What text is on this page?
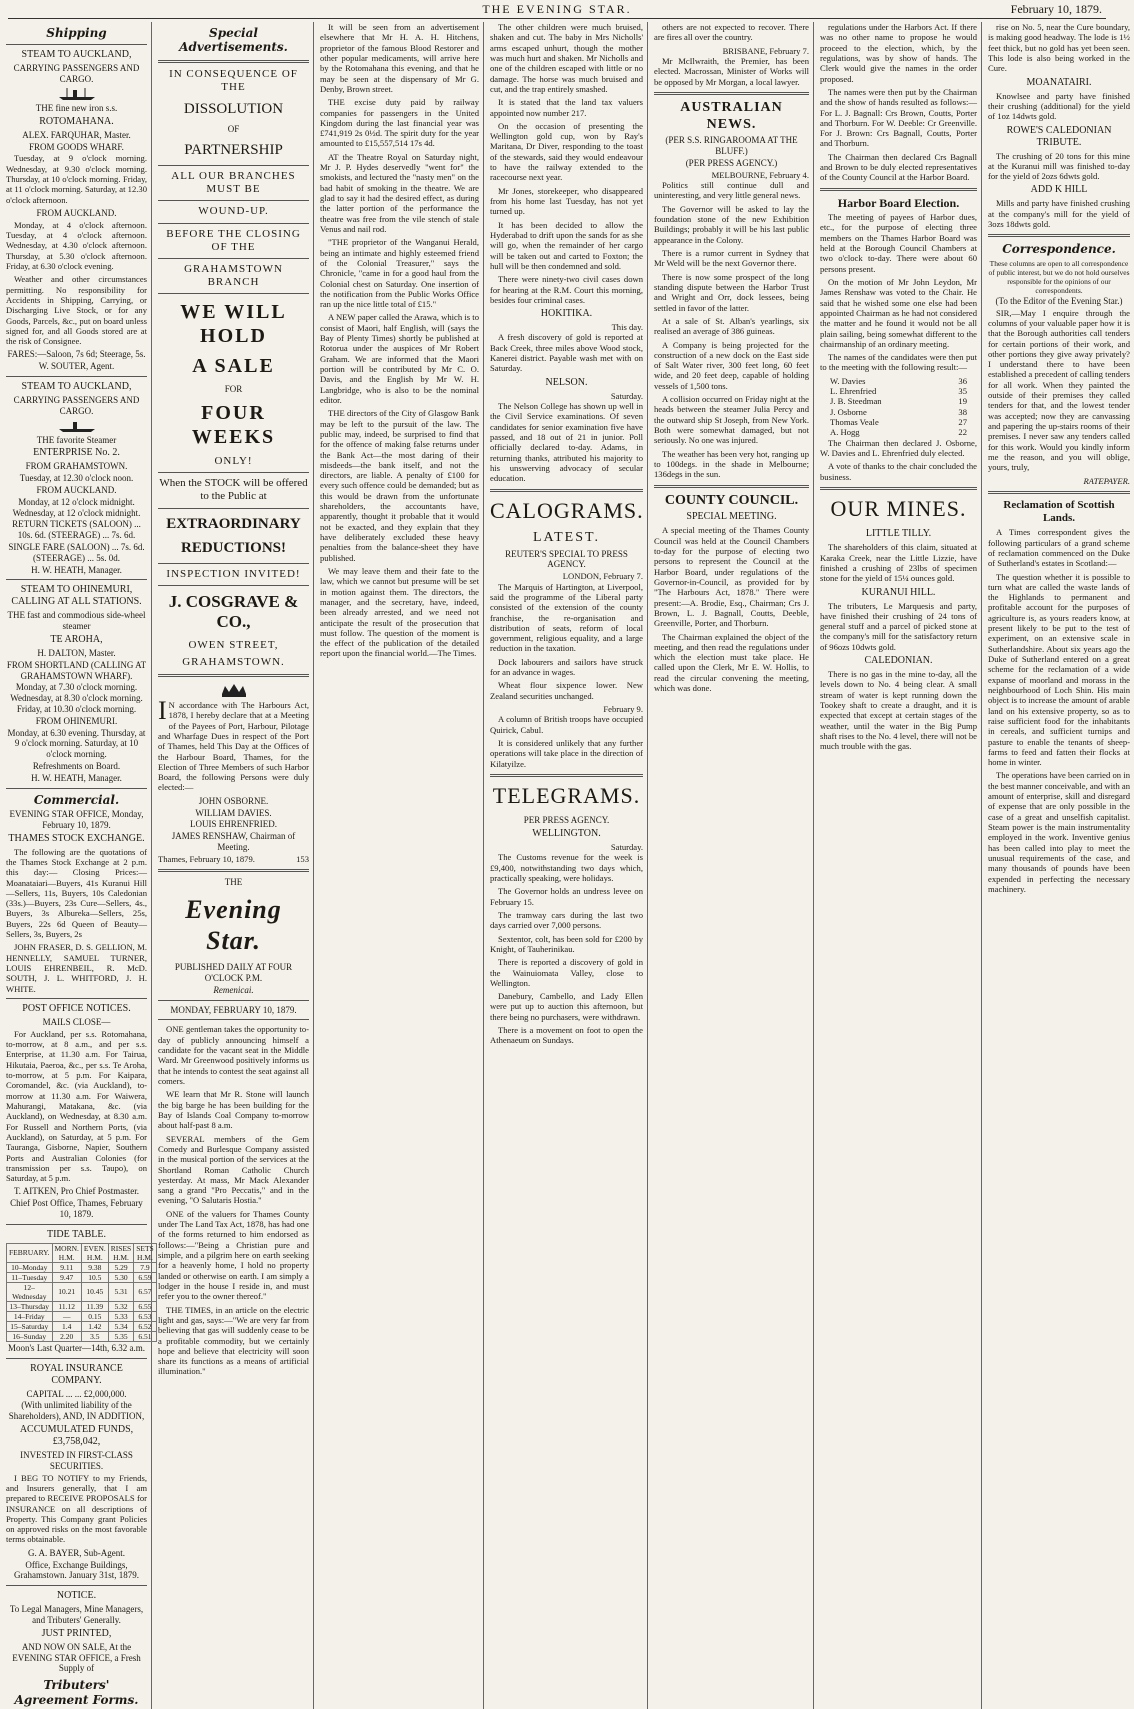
THE EVENING STAR.	February 10, 1879.
Shipping
STEAM TO AUCKLAND,
CARRYING PASSENGERS AND CARGO.
THE fine new iron s.s.
ROTOMAHANA.
ALEX. FARQUHAR, Master.
FROM GOODS WHARF.

Tuesday, at 9 o'clock morning. Wednesday, at 9.30 o'clock morning. Thursday, at 10 o'clock morning. Friday, at 11 o'clock morning. Saturday, at 12.30 o'clock afternoon.

FROM AUCKLAND.

Monday, at 4 o'clock afternoon. Tuesday, at 4 o'clock afternoon. Wednesday, at 4.30 o'clock afternoon. Thursday, at 5.30 o'clock afternoon. Friday, at 6.30 o'clock evening.

Weather and other circumstances permitting. No responsibility for Accidents in Shipping, Carrying, or Discharging Live Stock, or for any Goods, Parcels, &c., put on board unless signed for, and all Goods stored are at the risk of Consignee.

FARES:—Saloon, 7s 6d; Steerage, 5s.
W. SOUTER, Agent.
STEAM TO AUCKLAND,
CARRYING PASSENGERS AND CARGO.
THE favorite Steamer
ENTERPRISE No. 2.
FROM GRAHAMSTOWN.
Tuesday, at 12.30 o'clock noon.
FROM AUCKLAND.
Monday, at 12 o'clock midnight. Wednesday, at 12 o'clock midnight.
RETURN TICKETS (SALOON) ... 10s. 6d. (STEERAGE) ... 7s. 6d.
SINGLE FARE (SALOON) ... 7s. 6d. (STEERAGE) ... 5s. 0d.
H. W. HEATH, Manager.
STEAM TO OHINEMURI, CALLING AT ALL STATIONS.
THE fast and commodious side-wheel steamer
TE AROHA,
H. DALTON, Master.
FROM SHORTLAND (CALLING AT GRAHAMSTOWN WHARF).
Monday, at 7.30 o'clock morning. Wednesday, at 8.30 o'clock morning. Friday, at 10.30 o'clock morning.
FROM OHINEMURI.
Monday, at 6.30 evening. Thursday, at 9 o'clock morning. Saturday, at 10 o'clock morning.
Refreshments on Board.
H. W. HEATH, Manager.
Commercial.
EVENING STAR OFFICE, Monday, February 10, 1879.
THAMES STOCK EXCHANGE.

The following are the quotations of the Thames Stock Exchange at 2 p.m. this day:— Closing Prices:— Moanataiari—Buyers, 41s Kuranui Hill—Sellers, 11s, Buyers, 10s Caledonian (33s.)—Buyers, 23s Cure—Sellers, 4s., Buyers, 3s Albureka—Sellers, 25s, Buyers, 22s 6d Queen of Beauty—Sellers, 3s, Buyers, 2s

JOHN FRASER, D. S. GELLION, M. HENNELLY, SAMUEL TURNER, LOUIS EHRENBEIL, R. McD. SOUTH, J. L. WHITFORD, J. H. WHITE.

POST OFFICE NOTICES.
MAILS CLOSE—

For Auckland, per s.s. Rotomahana, to-morrow, at 8 a.m., and per s.s. Enterprise, at 11.30 a.m. For Tairua, Hikutaia, Paeroa, &c., per s.s. Te Aroha, to-morrow, at 5 p.m. For Kaipara, Coromandel, &c. (via Auckland), to-morrow at 11.30 a.m. For Waiwera, Mahurangi, Matakana, &c. (via Auckland), on Wednesday, at 8.30 a.m. For Russell and Northern Ports, (via Auckland), on Saturday, at 5 p.m. For Tauranga, Gisborne, Napier, Southern Ports and Australian Colonies (for transmission per s.s. Taupo), on Saturday, at 5 p.m.

T. AITKEN, Pro Chief Postmaster.
Chief Post Office, Thames, February 10, 1879.
TIDE TABLE.
FEBRUARY.	MORN. H.M.	EVEN. H.M.	RISES H.M.	SETS H.M.
10–Monday	9.11	9.38	5.29	7.9
11–Tuesday	9.47	10.5	5.30	6.59
12–Wednesday	10.21	10.45	5.31	6.57
13–Thursday	11.12	11.39	5.32	6.55
14–Friday	—	0.15	5.33	6.53
15–Saturday	1.4	1.42	5.34	6.52
16–Sunday	2.20	3.5	5.35	6.51
Moon's Last Quarter—14th, 6.32 a.m.
ROYAL INSURANCE COMPANY.
CAPITAL ... ... £2,000,000.
(With unlimited liability of the Shareholders), AND, IN ADDITION,
ACCUMULATED FUNDS, £3,758,042,
INVESTED IN FIRST-CLASS SECURITIES.

I BEG TO NOTIFY to my Friends, and Insurers generally, that I am prepared to RECEIVE PROPOSALS for INSURANCE on all descriptions of Property. This Company grant Policies on approved risks on the most favorable terms obtainable.

G. A. BAYER, Sub-Agent.
Office, Exchange Buildings, Grahamstown. January 31st, 1879.
NOTICE.
To Legal Managers, Mine Managers, and Tributers' Generally.
JUST PRINTED,
AND NOW ON SALE, At the EVENING STAR OFFICE, a Fresh Supply of
Tributers' Agreement Forms.
Special Advertisements.
IN CONSEQUENCE OF THE
DISSOLUTION
OF
PARTNERSHIP
ALL OUR BRANCHES MUST BE
WOUND-UP.
BEFORE THE CLOSING OF THE
GRAHAMSTOWN BRANCH
WE WILL HOLD
A SALE
FOR
FOUR WEEKS
ONLY!
When the STOCK will be offered to the Public at
EXTRAORDINARY
REDUCTIONS!
INSPECTION INVITED!
J. COSGRAVE & CO.,
OWEN STREET,
GRAHAMSTOWN.

I N accordance with The Harbours Act, 1878, I hereby declare that at a Meeting of the Payees of Port, Harbour, Pilotage and Wharfage Dues in respect of the Port of Thames, held This Day at the Offices of the Harbour Board, Thames, for the Election of Three Members of such Harbor Board, the following Persons were duly elected:—

JOHN OSBORNE.
WILLIAM DAVIES.
LOUIS EHRENFRIED.
JAMES RENSHAW, Chairman of Meeting.
Thames, February 10, 1879.	153
THE
Evening Star.
PUBLISHED DAILY AT FOUR O'CLOCK P.M.
Remenicai.
MONDAY, FEBRUARY 10, 1879.

ONE gentleman takes the opportunity to-day of publicly announcing himself a candidate for the vacant seat in the Middle Ward. Mr Greenwood positively informs us that he intends to contest the seat against all comers.

WE learn that Mr R. Stone will launch the big barge he has been building for the Bay of Islands Coal Company to-morrow about half-past 8 a.m.

SEVERAL members of the Gem Comedy and Burlesque Company assisted in the musical portion of the services at the Shortland Roman Catholic Church yesterday. At mass, Mr Mack Alexander sang a grand "Pro Peccatis," and in the evening, "O Salutaris Hostia."

ONE of the valuers for Thames County under The Land Tax Act, 1878, has had one of the forms returned to him endorsed as follows:—"Being a Christian pure and simple, and a pilgrim here on earth seeking for a heavenly home, I hold no property landed or otherwise on earth. I am simply a lodger in the house I reside in, and must refer you to the owner thereof."

THE TIMES, in an article on the electric light and gas, says:—"We are very far from believing that gas will suddenly cease to be a profitable commodity, but we certainly hope and believe that electricity will soon share its functions as a means of artificial illumination."

It will be seen from an advertisement elsewhere that Mr H. A. H. Hitchens, proprietor of the famous Blood Restorer and other popular medicaments, will arrive here by the Rotomahana this evening, and that he may be seen at the dispensary of Mr G. Denby, Brown street.

THE excise duty paid by railway companies for passengers in the United Kingdom during the last financial year was £741,919 2s 0½d. The spirit duty for the year amounted to £15,557,514 17s 4d.

AT the Theatre Royal on Saturday night, Mr J. P. Hydes deservedly "went for" the smokists, and lectured the "nasty men" on the bad habit of smoking in the theatre. We are glad to say it had the desired effect, as during the latter portion of the performance the theatre was free from the vile stench of stale Venus and nail rod.

"THE proprietor of the Wanganui Herald, being an intimate and highly esteemed friend of the Colonial Treasurer," says the Chronicle, "came in for a good haul from the Colonial chest on Saturday. One insertion of the notification from the Public Works Office ran up the nice little total of £15."

A NEW paper called the Arawa, which is to consist of Maori, half English, will (says the Bay of Plenty Times) shortly be published at Rotorua under the auspices of Mr Robert Graham. We are informed that the Maori portion will be contributed by Mr C. O. Davis, and the English by Mr W. H. Langbridge, who is also to be the nominal editor.

THE directors of the City of Glasgow Bank may be left to the pursuit of the law. The public may, indeed, be surprised to find that for the offence of making false returns under the Bank Act—the most daring of their misdeeds—the bank itself, and not the directors, are liable. A penalty of £100 for every such offence could be demanded; but as this would be drawn from the unfortunate shareholders, the accountants have, apparently, thought it probable that it would not be exacted, and they explain that they have deliberately excluded these heavy penalties from the balance-sheet they have published.

We may leave them and their fate to the law, which we cannot but presume will be set in motion against them. The directors, the manager, and the secretary, have, indeed, been already arrested, and we need not anticipate the result of the prosecution that must follow. The question of the moment is the effect of the publication of the detailed report upon the financial world.—The Times.

The other children were much bruised, shaken and cut. The baby in Mrs Nicholls' arms escaped unhurt, though the mother was much hurt and shaken. Mr Nicholls and one of the children escaped with little or no damage. The horse was much bruised and cut, and the trap entirely smashed.

It is stated that the land tax valuers appointed now number 217.

On the occasion of presenting the Wellington gold cup, won by Ray's Maritana, Dr Diver, responding to the toast of the stewards, said they would endeavour to have the railway extended to the racecourse next year.

Mr Jones, storekeeper, who disappeared from his home last Tuesday, has not yet turned up.

It has been decided to allow the Hyderabad to drift upon the sands for as she will go, when the remainder of her cargo will be taken out and carted to Foxton; the hull will be then condemned and sold.

There were ninety-two civil cases down for hearing at the R.M. Court this morning, besides four criminal cases.

HOKITIKA.
This day.

A fresh discovery of gold is reported at Back Creek, three miles above Wood stock, Kanerei district. Payable wash met with on Saturday.

NELSON.
Saturday.

The Nelson College has shown up well in the Civil Service examinations. Of seven candidates for senior examination five have passed, and 18 out of 21 in junior. Poll officially declared to-day. Adams, in returning thanks, attributed his majority to his unswerving advocacy of secular education.

CALOGRAMS.
LATEST.
REUTER'S SPECIAL TO PRESS AGENCY.
LONDON, February 7.

The Marquis of Hartington, at Liverpool, said the programme of the Liberal party consisted of the extension of the county franchise, the re-organisation and distribution of seats, reform of local government, religious equality, and a large reduction in the taxation.

Dock labourers and sailors have struck for an advance in wages.

Wheat flour sixpence lower. New Zealand securities unchanged.

February 9.

A column of British troops have occupied Quirick, Cabul.

It is considered unlikely that any further operations will take place in the direction of Kilatyilze.

TELEGRAMS.
PER PRESS AGENCY.
WELLINGTON.
Saturday.

The Customs revenue for the week is £9,400, notwithstanding two days which, practically speaking, were holidays.

The Governor holds an undress levee on February 15.

The tramway cars during the last two days carried over 7,000 persons.

Sextentor, colt, has been sold for £200 by Knight, of Tauherinikau.

There is reported a discovery of gold in the Wainuiomata Valley, close to Wellington.

Danebury, Cambello, and Lady Ellen were put up to auction this afternoon, but there being no purchasers, were withdrawn.

There is a movement on foot to open the Athenaeum on Sundays.

others are not expected to recover. There are fires all over the country.

BRISBANE, February 7.

Mr McIlwraith, the Premier, has been elected. Macrossan, Minister of Works will be opposed by Mr Morgan, a local lawyer.

AUSTRALIAN NEWS.
(PER S.S. RINGAROOMA AT THE BLUFF.)
(PER PRESS AGENCY.)
MELBOURNE, February 4.

Politics still continue dull and uninteresting, and very little general news.

The Governor will be asked to lay the foundation stone of the new Exhibition Buildings; probably it will be his last public appearance in the Colony.

There is a rumor current in Sydney that Mr Weld will be the next Governor there.

There is now some prospect of the long standing dispute between the Harbor Trust and Wright and Orr, dock lessees, being settled in favor of the latter.

At a sale of St. Alban's yearlings, six realised an average of 386 guineas.

A Company is being projected for the construction of a new dock on the East side of Salt Water river, 300 feet long, 60 feet wide, and 20 feet deep, capable of holding vessels of 1,500 tons.

A collision occurred on Friday night at the heads between the steamer Julia Percy and the outward ship St Joseph, from New York. Both were somewhat damaged, but not seriously. No one was injured.

The weather has been very hot, ranging up to 100degs. in the shade in Melbourne; 136degs in the sun.

COUNTY COUNCIL.
SPECIAL MEETING.

A special meeting of the Thames County Council was held at the Council Chambers to-day for the purpose of electing two persons to represent the Council at the Harbor Board, under regulations of the Governor-in-Council, as provided for by "The Harbours Act, 1878." There were present:—A. Brodie, Esq., Chairman; Crs J. Brown, L. J. Bagnall, Coutts, Deeble, Greenville, Porter, and Thorburn.

The Chairman explained the object of the meeting, and then read the regulations under which the election must take place. He called upon the Clerk, Mr E. W. Hollis, to read the circular convening the meeting, which was done.

regulations under the Harbors Act. If there was no other name to propose he would proceed to the election, which, by the regulations, was by show of hands. The Clerk would give the names in the order proposed.

The names were then put by the Chairman and the show of hands resulted as follows:— For L. J. Bagnall: Crs Brown, Coutts, Porter and Thorburn. For W. Deeble: Cr Greenville. For J. Brown: Crs Bagnall, Coutts, Porter and Thorburn.

The Chairman then declared Crs Bagnall and Brown to be duly elected representatives of the County Council at the Harbor Board.

Harbor Board Election.

The meeting of payees of Harbor dues, etc., for the purpose of electing three members on the Thames Harbor Board was held at the Borough Council Chambers at two o'clock to-day. There were about 60 persons present.

On the motion of Mr John Leydon, Mr James Renshaw was voted to the Chair. He said that he wished some one else had been appointed Chairman as he had not considered the matter and he found it would not be all plain sailing, being somewhat different to the chairmanship of an ordinary meeting.

The names of the candidates were then put to the meeting with the following result:—

W. Davies	36
L. Ehrenfried	35
J. B. Steedman	19
J. Osborne	38
Thomas Veale	27
A. Hogg	22

The Chairman then declared J. Osborne, W. Davies and L. Ehrenfried duly elected.

A vote of thanks to the chair concluded the business.

OUR MINES.
LITTLE TILLY.

The shareholders of this claim, situated at Karaka Creek, near the Little Lizzie, have finished a crushing of 23lbs of specimen stone for the yield of 15¼ ounces gold.

KURANUI HILL.

The tributers, Le Marquesis and party, have finished their crushing of 24 tons of general stuff and a parcel of picked stone at the company's mill for the satisfactory return of 96ozs 10dwts gold.

CALEDONIAN.

There is no gas in the mine to-day, all the levels down to No. 4 being clear. A small stream of water is kept running down the Tookey shaft to create a draught, and it is expected that except at certain stages of the weather, until the water in the Big Pump shaft rises to the No. 4 level, there will not be much trouble with the gas.

rise on No. 5, near the Cure boundary, is making good headway. The lode is 1½ feet thick, but no gold has yet been seen. This lode is also being worked in the Cure.

MOANATAIRI.

Knowlsee and party have finished their crushing (additional) for the yield of 1oz 14dwts gold.

ROWE'S CALEDONIAN TRIBUTE.

The crushing of 20 tons for this mine at the Kuranui mill was finished to-day for the yield of 2ozs 6dwts gold.

ADD K HILL

Mills and party have finished crushing at the company's mill for the yield of 3ozs 18dwts gold.

Correspondence.
These columns are open to all correspondence of public interest, but we do not hold ourselves responsible for the opinions of our correspondents.
(To the Editor of the Evening Star.)

SIR,—May I enquire through the columns of your valuable paper how it is that the Borough authorities call tenders for certain portions of their work, and other portions they give away privately? I understand there to have been established a precedent of calling tenders for all work. When they painted the outside of their premises they called tenders for that, and the lowest tender was accepted; now they are canvassing and papering the up-stairs rooms of their premises. I never saw any tenders called for this work. Would you kindly inform me the reason, and you will oblige, yours, truly,

RATEPAYER.
Reclamation of Scottish Lands.

A Times correspondent gives the following particulars of a grand scheme of reclamation commenced on the Duke of Sutherland's estates in Scotland:—

The question whether it is possible to turn what are called the waste lands of the Highlands to permanent and profitable account for the purposes of agriculture is, as yours readers know, at present likely to be put to the test of experiment, on an extensive scale in Sutherlandshire. About six years ago the Duke of Sutherland entered on a great scheme for the reclamation of a wide expanse of moorland and morass in the neighbourhood of Loch Shin. His main object is to increase the amount of arable land on his extensive property, so as to raise sufficient food for the inhabitants in cereals, and sufficient turnips and pasture to enable the tenants of sheep-farms to feed and fatten their flocks at home in winter.

The operations have been carried on in the best manner conceivable, and with an amount of enterprise, skill and disregard of expense that are only possible in the case of a great and unselfish capitalist. Steam power is the main instrumentality employed in the work. Inventive genius has been called into play to meet the unusual requirements of the case, and many thousands of pounds have been expended in perfecting the necessary machinery.
